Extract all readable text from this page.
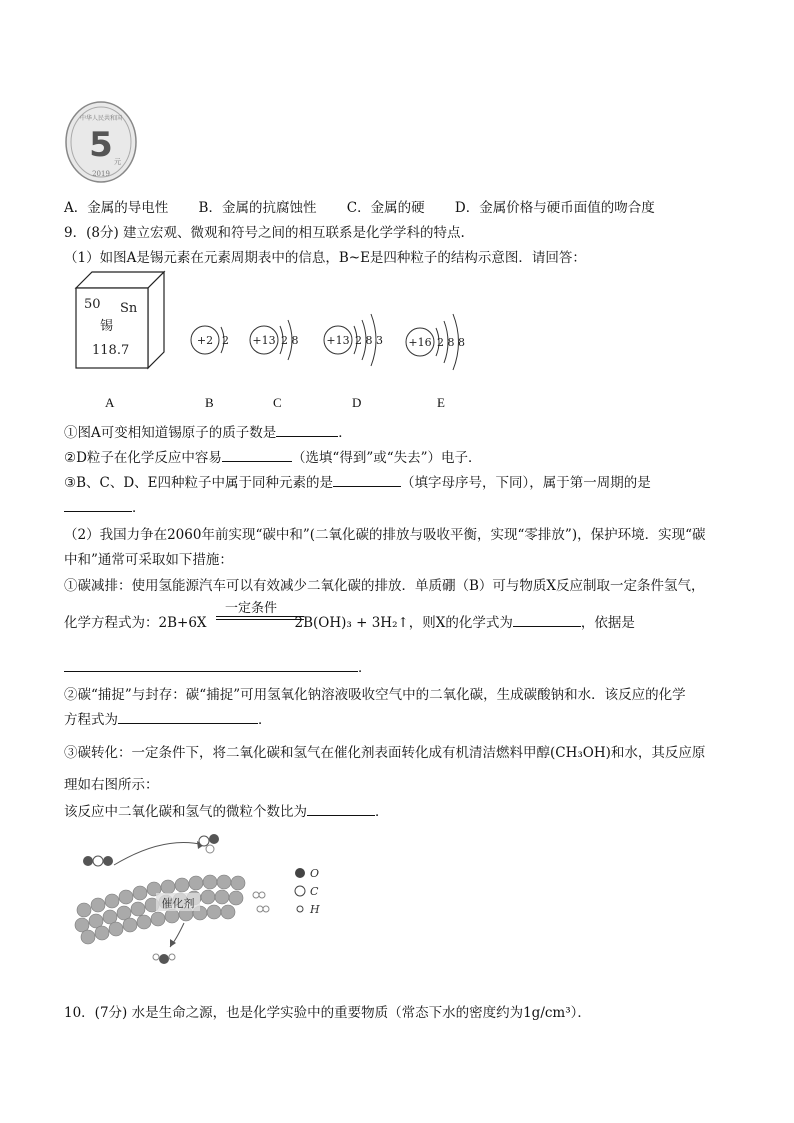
中华人民共和国
5 元
2019
A．金属的导电性 B．金属的抗腐蚀性 C．金属的硬 D．金属价格与硬币面值的吻合度
9．(8分) 建立宏观、微观和符号之间的相互联系是化学学科的特点.
（1）如图A是锡元素在元素周期表中的信息，B~E是四种粒子的结构示意图．请回答：
50 Sn
锡
118.7
+2 2 +13 2 8	+13 2 8 3 +16 2 8 8
A	B	C	D	E
①图A可变相知道锡原子的质子数是	．
②D粒子在化学反应中容易	（选填“得到”或“失去”）电子．
③B、C、D、E四种粒子中属于同种元素的是	（填字母序号，下同），属于第一周期的是
．
（2）我国力争在2060年前实现“碳中和”(二氧化碳的排放与吸收平衡，实现“零排放”)，保护环境．实现“碳
中和”通常可采取如下措施：
①碳减排：使用氢能源汽车可以有效减少二氧化碳的排放．单质硼（B）可与物质X反应制取一定条件氢气，
一定条件
化学方程式为：2B+6X	2B(OH)₃ + 3H₂↑，则X的化学式为	，依据是
．
②碳“捕捉”与封存：碳“捕捉”可用氢氧化钠溶液吸收空气中的二氧化碳，生成碳酸钠和水．该反应的化学
方程式为	．
③碳转化：一定条件下，将二氧化碳和氢气在催化剂表面转化成有机清洁燃料甲醇(CH₃OH)和水，其反应原
理如右图所示：
该反应中二氧化碳和氢气的微粒个数比为	．
催化剂
O
C
H
10．(7分) 水是生命之源，也是化学实验中的重要物质（常态下水的密度约为1g/cm³）．
